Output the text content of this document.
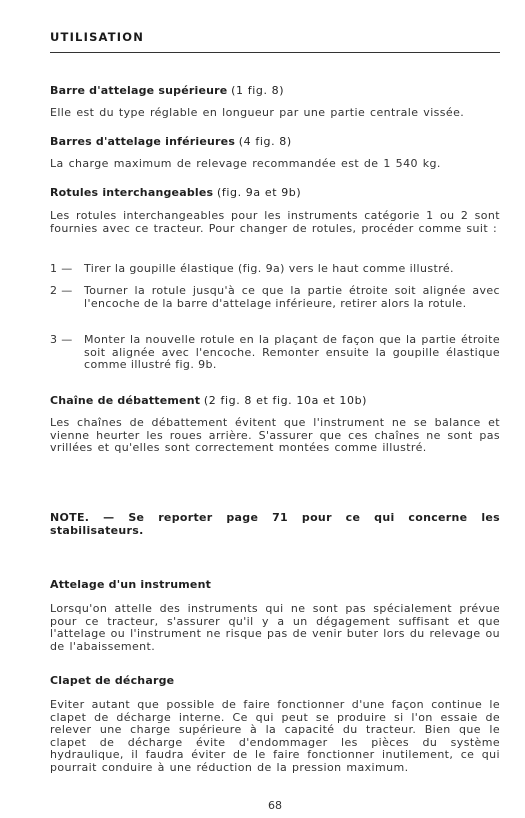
UTILISATION
Barre d'attelage supérieure (1 fig. 8)
Elle est du type réglable en longueur par une partie centrale vissée.
Barres d'attelage inférieures (4 fig. 8)
La charge maximum de relevage recommandée est de 1 540 kg.
Rotules interchangeables (fig. 9a et 9b)
Les rotules interchangeables pour les instruments catégorie 1 ou 2 sont fournies avec ce tracteur. Pour changer de rotules, procéder comme suit :
1 —	Tirer la goupille élastique (fig. 9a) vers le haut comme illustré.
2 —	Tourner la rotule jusqu'à ce que la partie étroite soit alignée avec l'encoche de la barre d'attelage inférieure, retirer alors la rotule.
3 —	Monter la nouvelle rotule en la plaçant de façon que la partie étroite soit alignée avec l'encoche. Remonter ensuite la goupille élastique comme illustré fig. 9b.
Chaîne de débattement (2 fig. 8 et fig. 10a et 10b)
Les chaînes de débattement évitent que l'instrument ne se balance et vienne heurter les roues arrière. S'assurer que ces chaînes ne sont pas vrillées et qu'elles sont correctement montées comme illustré.
NOTE. — Se reporter page 71 pour ce qui concerne les stabilisateurs.
Attelage d'un instrument
Lorsqu'on attelle des instruments qui ne sont pas spécialement prévue pour ce tracteur, s'assurer qu'il y a un dégagement suffisant et que l'attelage ou l'instrument ne risque pas de venir buter lors du relevage ou de l'abaissement.
Clapet de décharge
Eviter autant que possible de faire fonctionner d'une façon continue le clapet de décharge interne. Ce qui peut se produire si l'on essaie de relever une charge supérieure à la capacité du tracteur. Bien que le clapet de décharge évite d'endommager les pièces du système hydraulique, il faudra éviter de le faire fonctionner inutilement, ce qui pourrait conduire à une réduction de la pression maximum.
68
